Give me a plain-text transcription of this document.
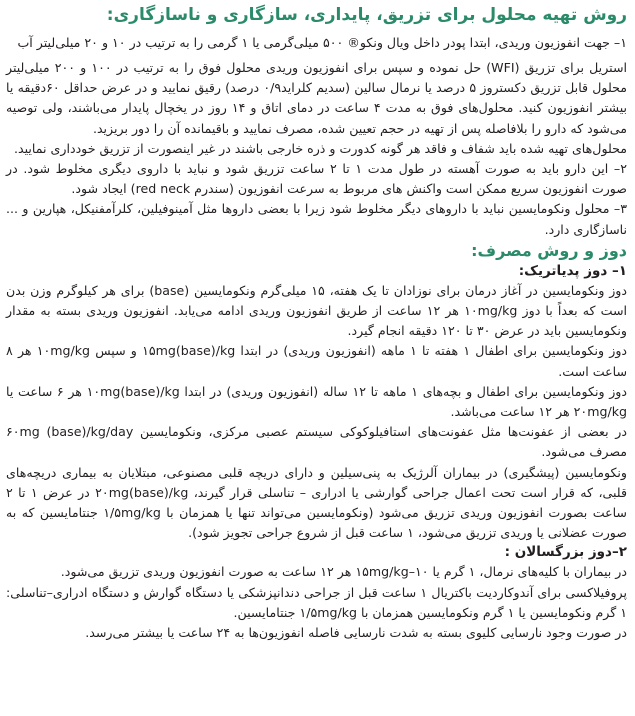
روش تهیه محلول برای تزریق، پایداری، سازگاری و ناسازگاری:

۱– جهت انفوزیون وریدی، ابتدا پودر داخل ویال ونکو® ۵۰۰ میلی‌گرمی یا ۱ گرمی را به ترتیب در ۱۰ و ۲۰ میلی‌لیتر آب

استریل برای تزریق (WFI) حل نموده و سپس برای انفوزیون وریدی محلول فوق را به ترتیب در ۱۰۰ و ۲۰۰ میلی‌لیتر محلول قابل تزریق دکستروز ۵ درصد یا نرمال سالین (سدیم کلراید۰/۹ درصد) رقیق نمایید و در عرض حداقل ۶۰دقیقه یا بیشتر انفوزیون کنید. محلول‌های فوق به مدت ۴ ساعت در دمای اتاق و ۱۴ روز در یخچال پایدار می‌باشند، ولی توصیه می‌شود که دارو را بلافاصله پس از تهیه در حجم تعیین شده، مصرف نمایید و باقیمانده آن را دور بریزید.

محلول‌های تهیه شده باید شفاف و فاقد هر گونه کدورت و ذره خارجی باشند در غیر اینصورت از تزریق خودداری نمایید.

۲– این دارو باید به صورت آهسته در طول مدت ۱ تا ۲ ساعت تزریق شود و نباید با داروی دیگری مخلوط شود. در صورت انفوزیون سریع ممکن است واکنش های مربوط به سرعت انفوزیون (سندرم red neck) ایجاد شود.

۳– محلول ونکومایسین نباید با داروهای دیگر مخلوط شود زیرا با بعضی داروها مثل آمینوفیلین، کلرآمفنیکل، هپارین و ... ناسازگاری دارد.

دوز و روش مصرف:
۱– دوز پدیاتریک:

دوز ونکومایسین در آغاز درمان برای نوزادان تا یک هفته، ۱۵ میلی‌گرم ونکومایسین (base) برای هر کیلوگرم وزن بدن است که بعداً با دوز ۱۰mg/kg هر ۱۲ ساعت از طریق انفوزیون وریدی ادامه می‌یابد. انفوزیون وریدی بسته به مقدار ونکومایسین باید در عرض ۳۰ تا ۱۲۰ دقیقه انجام گیرد.

دوز ونکومایسین برای اطفال ۱ هفته تا ۱ ماهه (انفوزیون وریدی) در ابتدا ۱۵mg(base)/kg و سپس ۱۰mg/kg هر ۸ ساعت است.

دوز ونکومایسین برای اطفال و بچه‌های ۱ ماهه تا ۱۲ ساله (انفوزیون وریدی) در ابتدا ۱۰mg(base)/kg هر ۶ ساعت یا ۲۰mg/kg هر ۱۲ ساعت می‌باشد.

در بعضی از عفونت‌ها مثل عفونت‌های استافیلوکوکی سیستم عصبی مرکزی، ونکومایسین ۶۰mg (base)/kg/day مصرف می‌شود.

ونکومایسین (پیشگیری) در بیماران آلرژیک به پنی‌سیلین و دارای دریچه قلبی مصنوعی، مبتلایان به بیماری دریچه‌های قلبی، که قرار است تحت اعمال جراحی گوارشی یا ادراری – تناسلی قرار گیرند، ۲۰mg(base)/kg در عرض ۱ تا ۲ ساعت بصورت انفوزیون وریدی تزریق می‌شود (ونکومایسین می‌تواند تنها یا همزمان با ۱/۵mg/kg جنتامایسین که به صورت عضلانی یا وریدی تزریق می‌شود، ۱ ساعت قبل از شروع جراحی تجویز شود).

۲–دوز بزرگسالان :

در بیماران با کلیه‌های نرمال، ۱ گرم یا ۱۵mg/kg–۱۰ هر ۱۲ ساعت به صورت انفوزیون وریدی تزریق می‌شود.

پروفیلاکسی برای آندوکاردیت باکتریال ۱ ساعت قبل از جراحی دندانپزشکی یا دستگاه گوارش و دستگاه ادراری–تناسلی: ۱ گرم ونکومایسین یا ۱ گرم ونکومایسین همزمان با ۱/۵mg/kg جنتامایسین.

در صورت وجود نارسایی کلیوی بسته به شدت نارسایی فاصله انفوزیون‌ها به ۲۴ ساعت یا بیشتر می‌رسد.
